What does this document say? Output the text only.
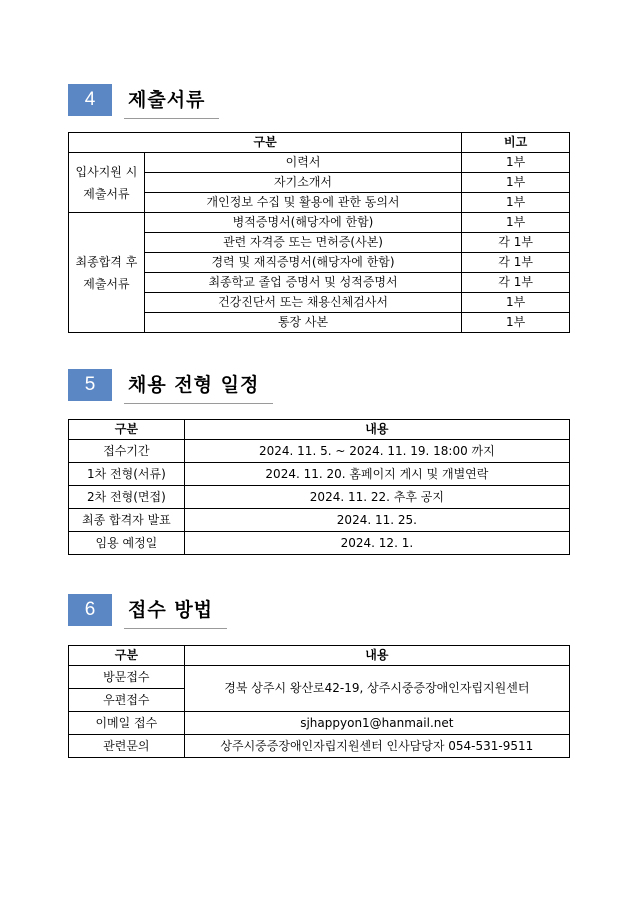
4	제출서류
구분		비고
입사지원 시
제출서류	이력서	1부
	자기소개서	1부
	개인정보 수집 및 활용에 관한 동의서	1부
최종합격 후
제출서류	병적증명서(해당자에 한함)	1부
	관련 자격증 또는 면허증(사본)	각 1부
	경력 및 재직증명서(해당자에 한함)	각 1부
	최종학교 졸업 증명서 및 성적증명서	각 1부
	건강진단서 또는 채용신체검사서	1부
	통장 사본	1부
5	채용 전형 일정
구분	내용
접수기간	2024. 11. 5. ~ 2024. 11. 19. 18:00 까지
1차 전형(서류)	2024. 11. 20. 홈페이지 게시 및 개별연락
2차 전형(면접)	2024. 11. 22. 추후 공지
최종 합격자 발표	2024. 11. 25.
임용 예정일	2024. 12. 1.
6	접수 방법
구분	내용
방문접수	경북 상주시 왕산로42-19, 상주시중증장애인자립지원센터
우편접수	
이메일 접수	sjhappyon1@hanmail.net
관련문의	상주시중증장애인자립지원센터 인사담당자 054-531-9511
